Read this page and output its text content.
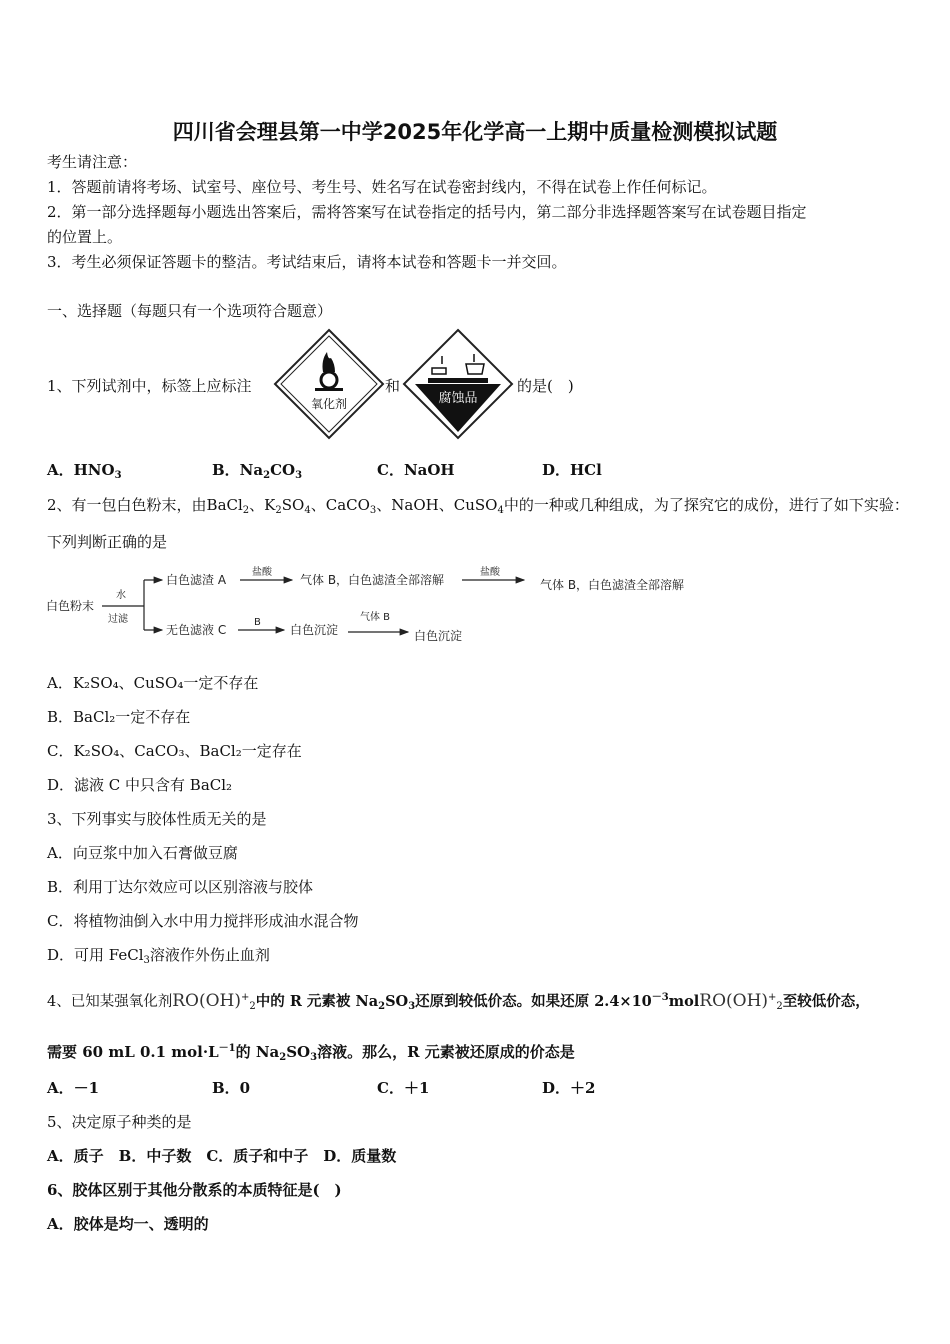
四川省会理县第一中学2025年化学高一上期中质量检测模拟试题
考生请注意：
1．答题前请将考场、试室号、座位号、考生号、姓名写在试卷密封线内，不得在试卷上作任何标记。
2．第一部分选择题每小题选出答案后，需将答案写在试卷指定的括号内，第二部分非选择题答案写在试卷题目指定
的位置上。
3．考生必须保证答题卡的整洁。考试结束后，请将本试卷和答题卡一并交回。
一、选择题（每题只有一个选项符合题意）
1、下列试剂中，标签上应标注
氧化剂
和
腐蚀品
的是(　)
A．$HNO_3$	B．$Na_2CO_3$	C．NaOH	D．HCl
2、有一包白色粉末，由BaCl$_2$、$K_2SO_4$、CaCO$_3$、NaOH、CuSO$_4$中的一种或几种组成，为了探究它的成份，进行了如下实验：
下列判断正确的是
白色粉末
水
过滤
白色滤渣 A
盐酸
气体 B，白色滤渣全部溶解
盐酸
气体 B，白色滤渣全部溶解
无色滤液 C
B
白色沉淀
气体 B
白色沉淀
A．K₂SO₄、CuSO₄一定不存在
B．BaCl₂一定不存在
C．K₂SO₄、CaCO₃、BaCl₂一定存在
D．滤液 C 中只含有 BaCl₂
3、下列事实与胶体性质无关的是
A．向豆浆中加入石膏做豆腐
B．利用丁达尔效应可以区别溶液与胶体
C．将植物油倒入水中用力搅拌形成油水混合物
D．可用 FeCl$_3$溶液作外伤止血剂
4、已知某强氧化剂$RO(OH)^+_2$中的 R 元素被 $Na_2SO_3$还原到较低价态。如果还原 $2.4\times 10^{-3}molRO(OH)^+_2$至较低价态，
需要 60 mL 0.1 $mol\cdot L^{-1}$的 $Na_2SO_3$溶液。那么，R 元素被还原成的价态是
A．－1	B．0	C．＋1	D．＋2
5、决定原子种类的是
A．质子　B．中子数　C．质子和中子　D．质量数
6、胶体区别于其他分散系的本质特征是(　)
A．胶体是均一、透明的
